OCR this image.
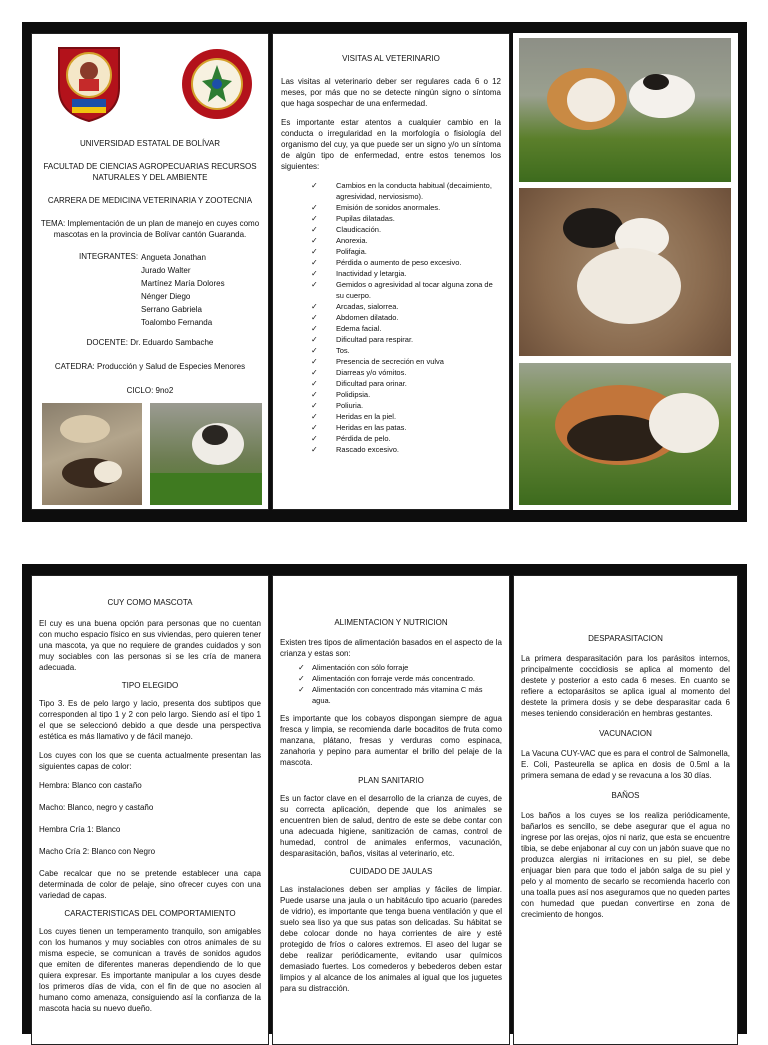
UNIVERSIDAD ESTATAL DE BOLÍVAR

FACULTAD DE CIENCIAS AGROPECUARIAS RECURSOS NATURALES Y DEL AMBIENTE

CARRERA DE MEDICINA VETERINARIA Y ZOOTECNIA

TEMA: Implementación de un plan de manejo en cuyes como mascotas en la provincia de Bolívar cantón Guaranda.

INTEGRANTES: Angueta Jonathan
Jurado Walter
Martínez María Dolores
Nénger Diego
Serrano Gabriela
Toalombo Fernanda

DOCENTE: Dr. Eduardo Sambache

CATEDRA: Producción y Salud de Especies Menores

CICLO: 9no2

VISITAS AL VETERINARIO

Las visitas al veterinario deber ser regulares cada 6 o 12 meses, por más que no se detecte ningún signo o síntoma que haga sospechar de una enfermedad.

Es importante estar atentos a cualquier cambio en la conducta o irregularidad en la morfología o fisiología del organismo del cuy, ya que puede ser un signo y/o un síntoma de algún tipo de enfermedad, entre estos tenemos los siguientes:

✓ Cambios en la conducta habitual (decaimiento, agresividad, nerviosismo).
✓ Emisión de sonidos anormales.
✓ Pupilas dilatadas.
✓ Claudicación.
✓ Anorexia.
✓ Polifagia.
✓ Pérdida o aumento de peso excesivo.
✓ Inactividad y letargia.
✓ Gemidos o agresividad al tocar alguna zona de su cuerpo.
✓ Arcadas, sialorrea.
✓ Abdomen dilatado.
✓ Edema facial.
✓ Dificultad para respirar.
✓ Tos.
✓ Presencia de secreción en vulva
✓ Diarreas y/o vómitos.
✓ Dificultad para orinar.
✓ Polidipsia.
✓ Poliuria.
✓ Heridas en la piel.
✓ Heridas en las patas.
✓ Pérdida de pelo.
✓ Rascado excesivo.

CUY COMO MASCOTA

El cuy es una buena opción para personas que no cuentan con mucho espacio físico en sus viviendas, pero quieren tener una mascota, ya que no requiere de grandes cuidados y son muy sociables con las personas si se les cría de manera adecuada.

TIPO ELEGIDO

Tipo 3. Es de pelo largo y lacio, presenta dos subtipos que corresponden al tipo 1 y 2 con pelo largo. Siendo así el tipo 1 el que se seleccionó debido a que desde una perspectiva estética es más llamativo y de fácil manejo.

Los cuyes con los que se cuenta actualmente presentan las siguientes capas de color:

Hembra: Blanco con castaño

Macho: Blanco, negro y castaño

Hembra Cría 1: Blanco

Macho Cría 2: Blanco con Negro

Cabe recalcar que no se pretende establecer una capa determinada de color de pelaje, sino ofrecer cuyes con una variedad de capas.

CARACTERISTICAS DEL COMPORTAMIENTO

Los cuyes tienen un temperamento tranquilo, son amigables con los humanos y muy sociables con otros animales de su misma especie, se comunican a través de sonidos agudos que emiten de diferentes maneras dependiendo de lo que quiera expresar. Es importante manipular a los cuyes desde los primeros días de vida, con el fin de que no asocien al humano como amenaza, consiguiendo así la confianza de la mascota hacia su nuevo dueño.

ALIMENTACION Y NUTRICION

Existen tres tipos de alimentación basados en el aspecto de la crianza y estas son:

✓ Alimentación con sólo forraje
✓ Alimentación con forraje verde más concentrado.
✓ Alimentación con concentrado más vitamina C más agua.

Es importante que los cobayos dispongan siempre de agua fresca y limpia, se recomienda darle bocaditos de fruta como manzana, plátano, fresas y verduras como espinaca, zanahoria y pepino para aumentar el brillo del pelaje de la mascota.

PLAN SANITARIO

Es un factor clave en el desarrollo de la crianza de cuyes, de su correcta aplicación, depende que los animales se encuentren bien de salud, dentro de este se debe contar con una adecuada higiene, sanitización de camas, control de humedad, control de animales enfermos, vacunación, desparasitación, baños, visitas al veterinario, etc.

CUIDADO DE JAULAS

Las instalaciones deben ser amplias y fáciles de limpiar. Puede usarse una jaula o un habitáculo tipo acuario (paredes de vidrio), es importante que tenga buena ventilación y que el suelo sea liso ya que sus patas son delicadas. Su hábitat se debe colocar donde no haya corrientes de aire y esté protegido de fríos o calores extremos. El aseo del lugar se debe realizar periódicamente, evitando usar químicos demasiado fuertes. Los comederos y bebederos deben estar limpios y al alcance de los animales al igual que los juguetes para su distracción.

DESPARASITACION

La primera desparasitación para los parásitos internos, principalmente coccidiosis se aplica al momento del destete y posterior a esto cada 6 meses. En cuanto se refiere a ectoparásitos se aplica igual al momento del destete la primera dosis y se debe desparasitar cada 6 meses teniendo consideración en hembras gestantes.

VACUNACION

La Vacuna CUY-VAC que es para el control de Salmonella, E. Coli, Pasteurella se aplica en dosis de 0.5ml a la primera semana de edad y se revacuna a los 30 días.

BAÑOS

Los baños a los cuyes se los realiza periódicamente, bañarlos es sencillo, se debe asegurar que el agua no ingrese por las orejas, ojos ni nariz, que esta se encuentre tibia, se debe enjabonar al cuy con un jabón suave que no produzca alergias ni irritaciones en su piel, se debe enjuagar bien para que todo el jabón salga de su piel y pelo y al momento de secarlo se recomienda hacerlo con una toalla pues así nos aseguramos que no queden partes con humedad que puedan convertirse en zona de crecimiento de hongos.
